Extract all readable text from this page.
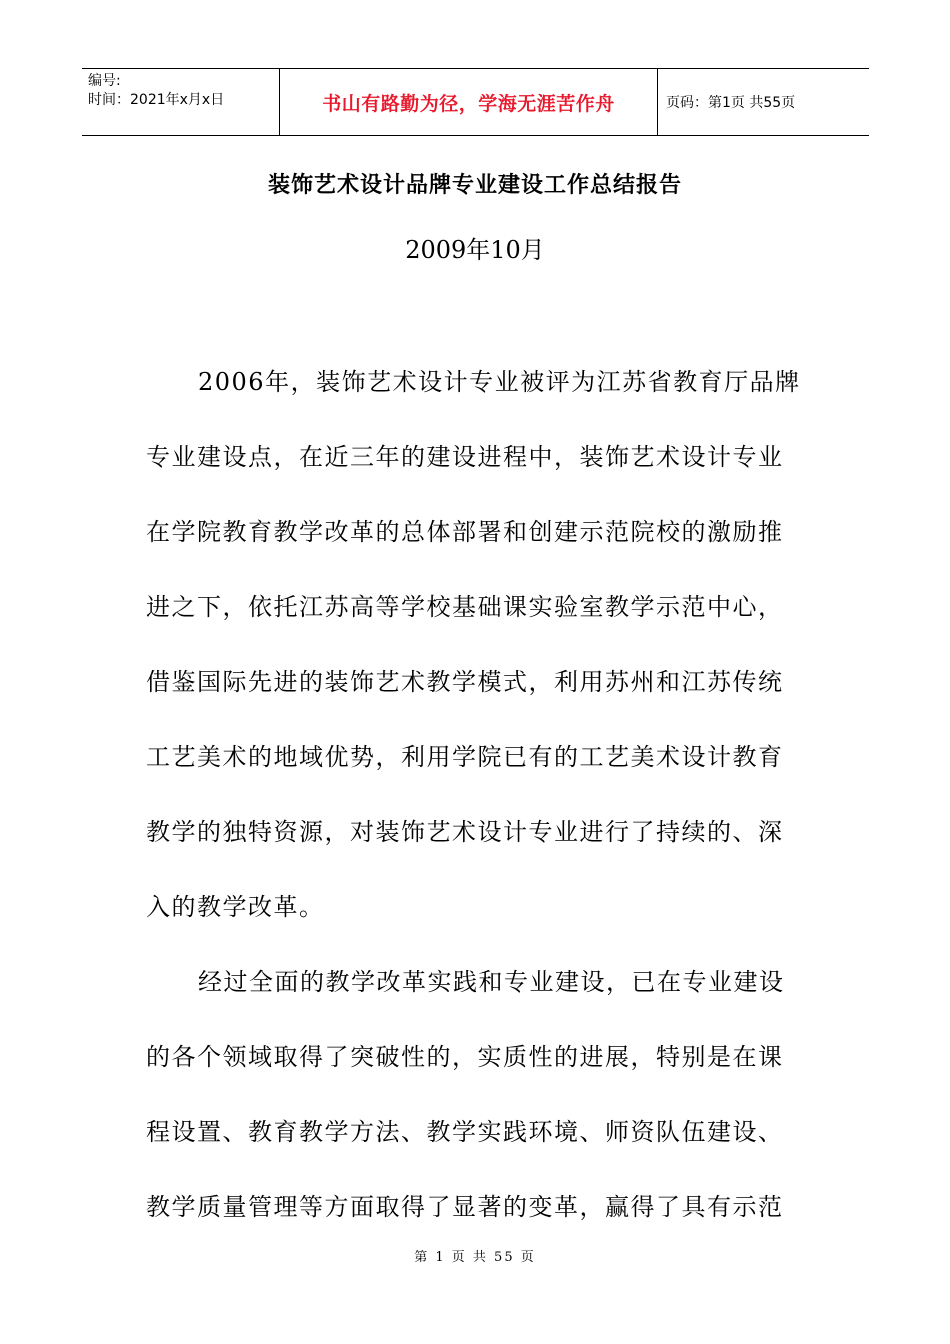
编号:
时间：2021年x月x日	书山有路勤为径，学海无涯苦作舟	页码：第1页 共55页
装饰艺术设计品牌专业建设工作总结报告
2009年10月
2006年，装饰艺术设计专业被评为江苏省教育厅品牌
专业建设点，在近三年的建设进程中，装饰艺术设计专业
在学院教育教学改革的总体部署和创建示范院校的激励推
进之下，依托江苏高等学校基础课实验室教学示范中心，
借鉴国际先进的装饰艺术教学模式，利用苏州和江苏传统
工艺美术的地域优势，利用学院已有的工艺美术设计教育
教学的独特资源，对装饰艺术设计专业进行了持续的、深
入的教学改革。
经过全面的教学改革实践和专业建设，已在专业建设
的各个领域取得了突破性的，实质性的进展，特别是在课
程设置、教育教学方法、教学实践环境、师资队伍建设、
教学质量管理等方面取得了显著的变革，赢得了具有示范
第 1 页 共 55 页
